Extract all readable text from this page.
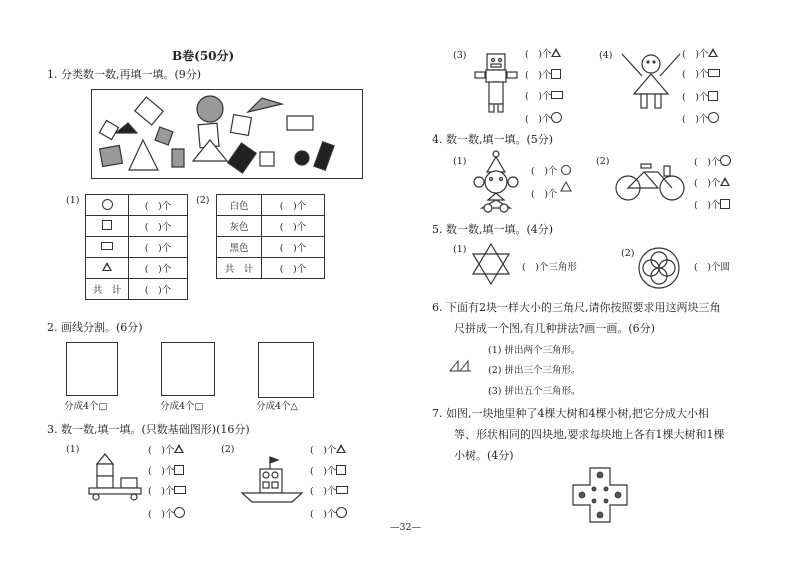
B卷(50分)
1. 分类数一数,再填一填。(9分)
(1)
	(　)个
	(　)个
	(　)个
	(　)个
共　计	(　)个
(2)
白色	(　)个
灰色	(　)个
黑色	(　)个
共　计	(　)个
2. 画线分割。(6分)
分成4个□	分成4个□	分成4个△
3. 数一数,填一填。(只数基础图形)(16分)
(1)	(　)个
(　)个
(　)个
(　)个
(2)	(　)个
(　)个
(　)个
(　)个
—32—
(3)	(　)个
(　)个
(　)个
(　)个
(4)	(　)个
(　)个
(　)个
(　)个
4. 数一数,填一填。(5分)
(1)
(　)个
(　)个
(2)	(　)个
(　)个
(　)个
5. 数一数,填一填。(4分)
(1)
(　)个三角形
(2)
(　)个圆
6. 下面有2块一样大小的三角尺,请你按照要求用这两块三角
尺拼成一个图,有几种拼法?画一画。(6分)
(1) 拼出两个三角形。
(2) 拼出三个三角形。
(3) 拼出五个三角形。
7. 如图,一块地里种了4棵大树和4棵小树,把它分成大小相
等、形状相同的四块地,要求每块地上各有1棵大树和1棵
小树。(4分)
